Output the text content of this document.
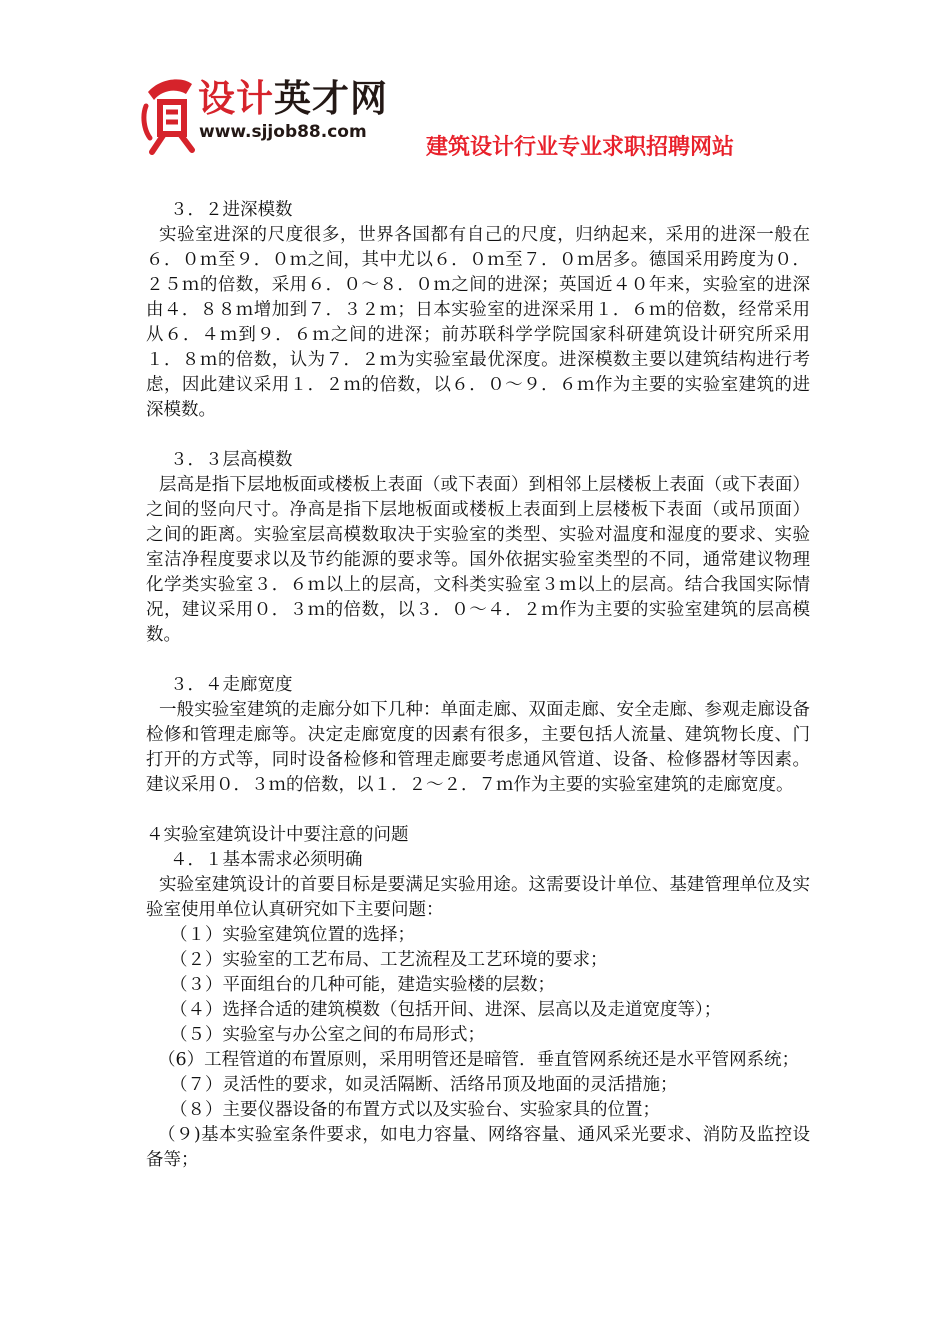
设计英才网
www.sjjob88.com
建筑设计行业专业求职招聘网站

３．２进深模数

实验室进深的尺度很多，世界各国都有自己的尺度，归纳起来，采用的进深一般在６．０ｍ至９．０ｍ之间，其中尤以６．０ｍ至７．０ｍ居多。德国采用跨度为０．２５ｍ的倍数，采用６．０～８．０ｍ之间的进深；英国近４０年来，实验室的进深由４．８８ｍ增加到７．３２ｍ；日本实验室的进深采用１．６ｍ的倍数，经常采用从６．４ｍ到９．６ｍ之间的进深；前苏联科学学院国家科研建筑设计研究所采用１．８ｍ的倍数，认为７．２ｍ为实验室最优深度。进深模数主要以建筑结构进行考虑，因此建议采用１．２ｍ的倍数，以６．０～９．６ｍ作为主要的实验室建筑的进深模数。

３．３层高模数

层高是指下层地板面或楼板上表面（或下表面）到相邻上层楼板上表面（或下表面）之间的竖向尺寸。净高是指下层地板面或楼板上表面到上层楼板下表面（或吊顶面）之间的距离。实验室层高模数取决于实验室的类型、实验对温度和湿度的要求、实验室洁净程度要求以及节约能源的要求等。国外依据实验室类型的不同，通常建议物理化学类实验室３．６ｍ以上的层高，文科类实验室３ｍ以上的层高。结合我国实际情况，建议采用０．３ｍ的倍数，以３．０～４．２ｍ作为主要的实验室建筑的层高模数。

３．４走廊宽度

一般实验室建筑的走廊分如下几种：单面走廊、双面走廊、安全走廊、参观走廊设备检修和管理走廊等。决定走廊宽度的因素有很多，主要包括人流量、建筑物长度、门打开的方式等，同时设备检修和管理走廊要考虑通风管道、设备、检修器材等因素。建议采用０．３ｍ的倍数，以１．２～２．７ｍ作为主要的实验室建筑的走廊宽度。

４实验室建筑设计中要注意的问题

４．１基本需求必须明确

实验室建筑设计的首要目标是要满足实验用途。这需要设计单位、基建管理单位及实验室使用单位认真研究如下主要问题：

（１）实验室建筑位置的选择；

（２）实验室的工艺布局、工艺流程及工艺环境的要求；

（３）平面组台的几种可能，建造实验楼的层数；

（４）选择合适的建筑模数（包括开间、进深、层高以及走道宽度等）；

（５）实验室与办公室之间的布局形式；

（6）工程管道的布置原则，采用明管还是暗管．垂直管网系统还是水平管网系统；

（７）灵活性的要求，如灵活隔断、活络吊顶及地面的灵活措施；

（８）主要仪器设备的布置方式以及实验台、实验家具的位置；

（９)基本实验室条件要求，如电力容量、网络容量、通风采光要求、消防及监控设备等；
